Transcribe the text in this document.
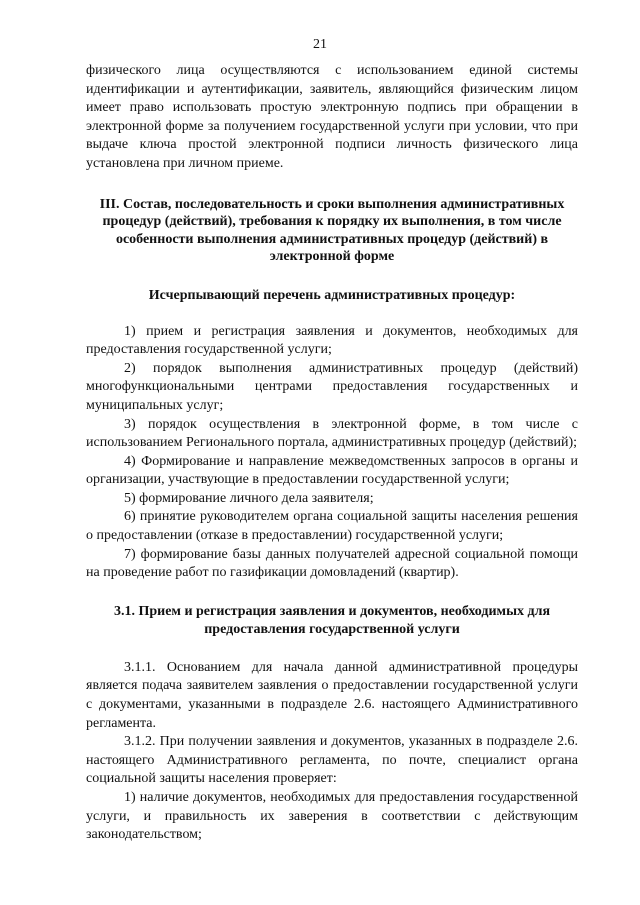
21

физического лица осуществляются с использованием единой системы идентификации и аутентификации, заявитель, являющийся физическим лицом имеет право использовать простую электронную подпись при обращении в электронной форме за получением государственной услуги при условии, что при выдаче ключа простой электронной подписи личность физического лица установлена при личном приеме.

III. Состав, последовательность и сроки выполнения административных процедур (действий), требования к порядку их выполнения, в том числе особенности выполнения административных процедур (действий) в электронной форме

Исчерпывающий перечень административных процедур:

1) прием и регистрация заявления и документов, необходимых для предоставления государственной услуги;

2) порядок выполнения административных процедур (действий) многофункциональными центрами предоставления государственных и муниципальных услуг;

3) порядок осуществления в электронной форме, в том числе с использованием Регионального портала, административных процедур (действий);

4) Формирование и направление межведомственных запросов в органы и организации, участвующие в предоставлении государственной услуги;

5) формирование личного дела заявителя;

6) принятие руководителем органа социальной защиты населения решения о предоставлении (отказе в предоставлении) государственной услуги;

7) формирование базы данных получателей адресной социальной помощи на проведение работ по газификации домовладений (квартир).

3.1. Прием и регистрация заявления и документов, необходимых для предоставления государственной услуги

3.1.1. Основанием для начала данной административной процедуры является подача заявителем заявления о предоставлении государственной услуги с документами, указанными в подразделе 2.6. настоящего Административного регламента.

3.1.2. При получении заявления и документов, указанных в подразделе 2.6. настоящего Административного регламента, по почте, специалист органа социальной защиты населения проверяет:

1) наличие документов, необходимых для предоставления государственной услуги, и правильность их заверения в соответствии с действующим законодательством;
